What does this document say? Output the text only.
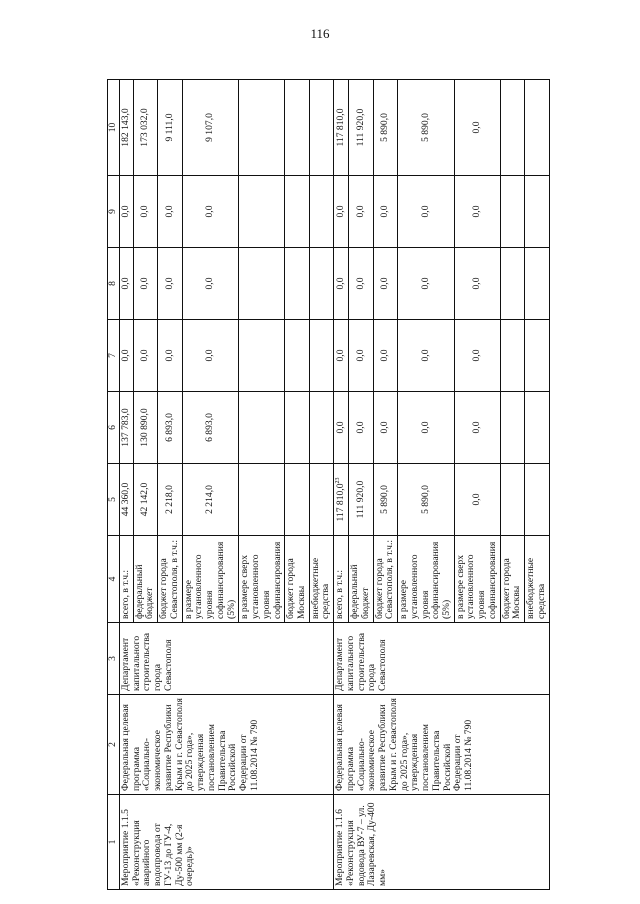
116
1	2	3	4	5	6	7	8	9	10
Мероприятие 1.1.5 «Реконструкция аварийного водопровода от ГУ-13 до ГУ-4, Ду-500 мм (2-я очередь)»	Федеральная целевая программа «Социально-экономическое развитие Республики Крым и г. Севастополя до 2025 года», утвержденная постановлением Правительства Российской Федерации от 11.08.2014 № 790	Департамент капитального строительства города Севастополя	всего, в т.ч.:	44 360,0	137 783,0	0,0	0,0	0,0	182 143,0
			федеральный бюджет	42 142,0	130 890,0	0,0	0,0	0,0	173 032,0
			бюджет города Севастополя, в т.ч.:	2 218,0	6 893,0	0,0	0,0	0,0	9 111,0
			в размере установленного уровня софинансирования (5%)	2 214,0	6 893,0	0,0	0,0	0,0	9 107,0
			в размере сверх установленного уровня софинансирования						
			бюджет города Москвы						
			внебюджетные средства						
Мероприятие 1.1.6 «Реконструкция водовода ВУ-7 – ул. Лазаревская, Ду-400 мм»	Федеральная целевая программа «Социально-экономическое развитие Республики Крым и г. Севастополя до 2025 года», утвержденная постановлением Правительства Российской Федерации от 11.08.2014 № 790	Департамент капитального строительства города Севастополя	всего, в т.ч.:	117 810,0$^{23}$	0,0	0,0	0,0	0,0	117 810,0
			федеральный бюджет	111 920,0	0,0	0,0	0,0	0,0	111 920,0
			бюджет города Севастополя, в т.ч.:	5 890,0	0,0	0,0	0,0	0,0	5 890,0
			в размере установленного уровня софинансирования (5%)	5 890,0	0,0	0,0	0,0	0,0	5 890,0
			в размере сверх установленного уровня софинансирования	0,0	0,0	0,0	0,0	0,0	0,0
			бюджет города Москвы						
			внебюджетные средства						
